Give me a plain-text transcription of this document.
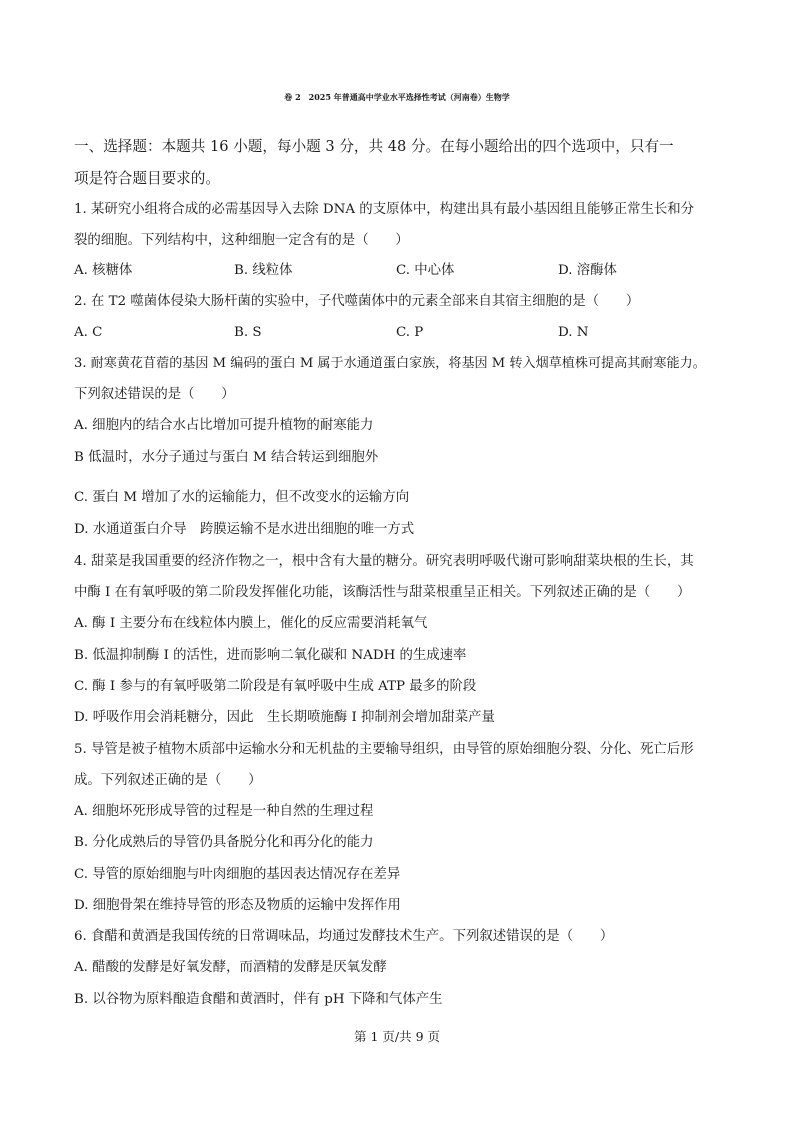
卷 2　2025 年普通高中学业水平选择性考试（河南卷）生物学
一、选择题：本题共 16 小题，每小题 3 分，共 48 分。在每小题给出的四个选项中，只有一
项是符合题目要求的。
1. 某研究小组将合成的必需基因导入去除 DNA 的支原体中，构建出具有最小基因组且能够正常生长和分
裂的细胞。下列结构中，这种细胞一定含有的是（　　）
A. 核糖体	B. 线粒体	C. 中心体	D. 溶酶体
2. 在 T2 噬菌体侵染大肠杆菌的实验中，子代噬菌体中的元素全部来自其宿主细胞的是（　　）
A. C	B. S	C. P	D. N
3. 耐寒黄花苜蓿的基因 M 编码的蛋白 M 属于水通道蛋白家族，将基因 M 转入烟草植株可提高其耐寒能力。
下列叙述错误的是（　　）
A. 细胞内的结合水占比增加可提升植物的耐寒能力
B 低温时，水分子通过与蛋白 M 结合转运到细胞外
C. 蛋白 M 增加了水的运输能力，但不改变水的运输方向
D. 水通道蛋白介导　跨膜运输不是水进出细胞的唯一方式
4. 甜菜是我国重要的经济作物之一，根中含有大量的糖分。研究表明呼吸代谢可影响甜菜块根的生长，其
中酶 Ⅰ 在有氧呼吸的第二阶段发挥催化功能，该酶活性与甜菜根重呈正相关。下列叙述正确的是（　　）
A. 酶 Ⅰ 主要分布在线粒体内膜上，催化的反应需要消耗氧气
B. 低温抑制酶 Ⅰ 的活性，进而影响二氧化碳和 NADH 的生成速率
C. 酶 Ⅰ 参与的有氧呼吸第二阶段是有氧呼吸中生成 ATP 最多的阶段
D. 呼吸作用会消耗糖分，因此　生长期喷施酶 Ⅰ 抑制剂会增加甜菜产量
5. 导管是被子植物木质部中运输水分和无机盐的主要输导组织，由导管的原始细胞分裂、分化、死亡后形
成。下列叙述正确的是（　　）
A. 细胞坏死形成导管的过程是一种自然的生理过程
B. 分化成熟后的导管仍具备脱分化和再分化的能力
C. 导管的原始细胞与叶肉细胞的基因表达情况存在差异
D. 细胞骨架在维持导管的形态及物质的运输中发挥作用
6. 食醋和黄酒是我国传统的日常调味品，均通过发酵技术生产。下列叙述错误的是（　　）
A. 醋酸的发酵是好氧发酵，而酒精的发酵是厌氧发酵
B. 以谷物为原料酿造食醋和黄酒时，伴有 pH 下降和气体产生
第 1 页/共 9 页
